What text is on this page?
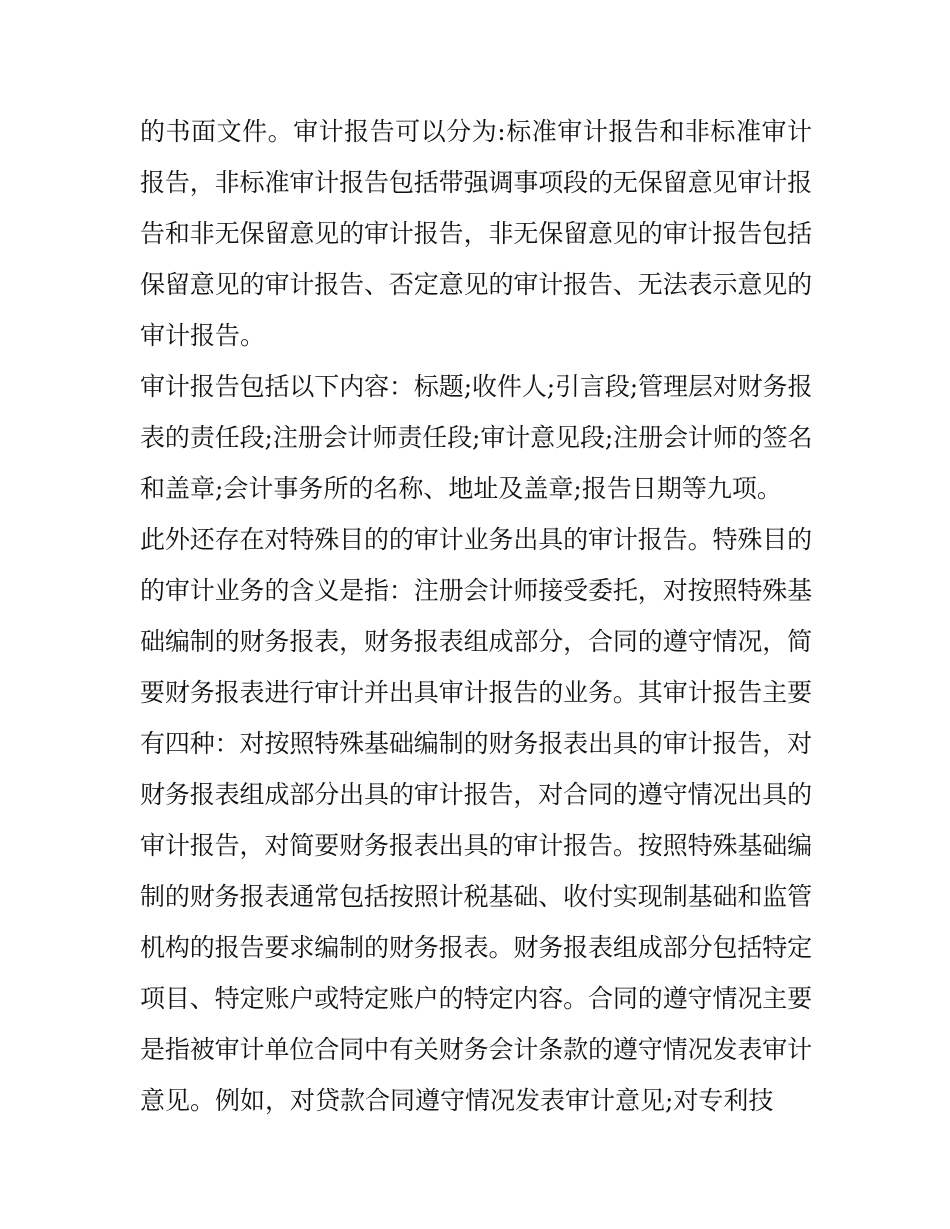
的书面文件。审计报告可以分为:标准审计报告和非标准审计
报告，非标准审计报告包括带强调事项段的无保留意见审计报
告和非无保留意见的审计报告，非无保留意见的审计报告包括
保留意见的审计报告、否定意见的审计报告、无法表示意见的
审计报告。
审计报告包括以下内容：标题;收件人;引言段;管理层对财务报
表的责任段;注册会计师责任段;审计意见段;注册会计师的签名
和盖章;会计事务所的名称、地址及盖章;报告日期等九项。
此外还存在对特殊目的的审计业务出具的审计报告。特殊目的
的审计业务的含义是指：注册会计师接受委托，对按照特殊基
础编制的财务报表，财务报表组成部分，合同的遵守情况，简
要财务报表进行审计并出具审计报告的业务。其审计报告主要
有四种：对按照特殊基础编制的财务报表出具的审计报告，对
财务报表组成部分出具的审计报告，对合同的遵守情况出具的
审计报告，对简要财务报表出具的审计报告。按照特殊基础编
制的财务报表通常包括按照计税基础、收付实现制基础和监管
机构的报告要求编制的财务报表。财务报表组成部分包括特定
项目、特定账户或特定账户的特定内容。合同的遵守情况主要
是指被审计单位合同中有关财务会计条款的遵守情况发表审计
意见。例如，对贷款合同遵守情况发表审计意见;对专利技
